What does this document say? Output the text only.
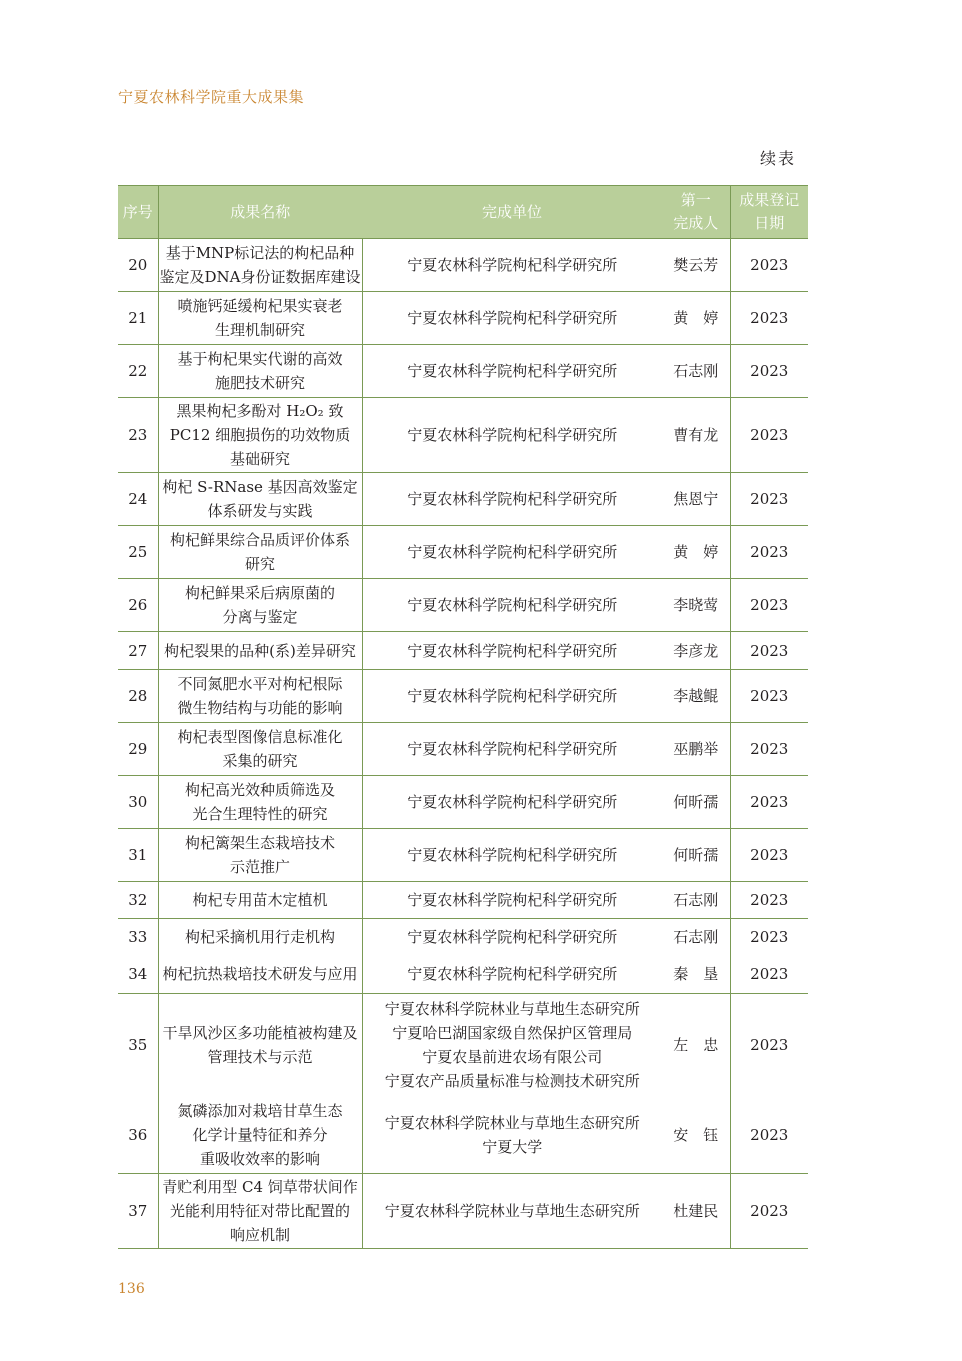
宁夏农林科学院重大成果集
续表
序号	成果名称	完成单位	第一
完成人	成果登记
日期

20	基于MNP标记法的枸杞品种
鉴定及DNA身份证数据库建设	宁夏农林科学院枸杞科学研究所	樊云芳	2023
21	喷施钙延缓枸杞果实衰老
生理机制研究	宁夏农林科学院枸杞科学研究所	黄　婷	2023
22	基于枸杞果实代谢的高效
施肥技术研究	宁夏农林科学院枸杞科学研究所	石志刚	2023
23	黑果枸杞多酚对 H₂O₂ 致
PC12 细胞损伤的功效物质
基础研究	宁夏农林科学院枸杞科学研究所	曹有龙	2023
24	枸杞 S-RNase 基因高效鉴定
体系研发与实践	宁夏农林科学院枸杞科学研究所	焦恩宁	2023
25	枸杞鲜果综合品质评价体系
研究	宁夏农林科学院枸杞科学研究所	黄　婷	2023
26	枸杞鲜果采后病原菌的
分离与鉴定	宁夏农林科学院枸杞科学研究所	李晓莺	2023
27	枸杞裂果的品种(系)差异研究	宁夏农林科学院枸杞科学研究所	李彦龙	2023
28	不同氮肥水平对枸杞根际
微生物结构与功能的影响	宁夏农林科学院枸杞科学研究所	李越鲲	2023
29	枸杞表型图像信息标准化
采集的研究	宁夏农林科学院枸杞科学研究所	巫鹏举	2023
30	枸杞高光效种质筛选及
光合生理特性的研究	宁夏农林科学院枸杞科学研究所	何昕孺	2023
31	枸杞篱架生态栽培技术
示范推广	宁夏农林科学院枸杞科学研究所	何昕孺	2023
32	枸杞专用苗木定植机	宁夏农林科学院枸杞科学研究所	石志刚	2023
33	枸杞采摘机用行走机构	宁夏农林科学院枸杞科学研究所	石志刚	2023
34	枸杞抗热栽培技术研发与应用	宁夏农林科学院枸杞科学研究所	秦　垦	2023
35	干旱风沙区多功能植被构建及
管理技术与示范	宁夏农林科学院林业与草地生态研究所
宁夏哈巴湖国家级自然保护区管理局
宁夏农垦前进农场有限公司
宁夏农产品质量标准与检测技术研究所	左　忠	2023
36	氮磷添加对栽培甘草生态
化学计量特征和养分
重吸收效率的影响	宁夏农林科学院林业与草地生态研究所
宁夏大学	安　钰	2023
37	青贮利用型 C4 饲草带状间作
光能利用特征对带比配置的
响应机制	宁夏农林科学院林业与草地生态研究所	杜建民	2023
136
